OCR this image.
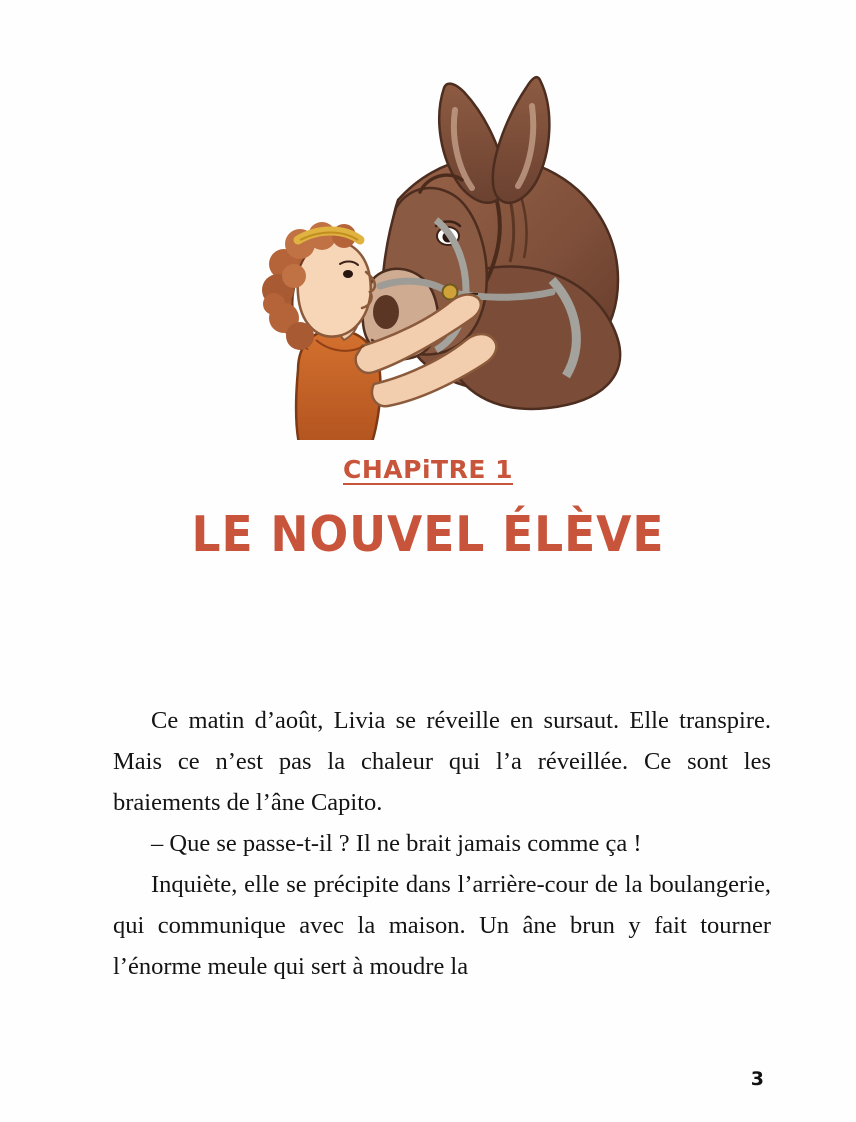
CHAPiTRE 1
LE NOUVEL ÉLÈVE

Ce matin d’août, Livia se réveille en sursaut. Elle transpire. Mais ce n’est pas la chaleur qui l’a réveillée. Ce sont les braiements de l’âne Capito.

– Que se passe-t-il ? Il ne brait jamais comme ça !

Inquiète, elle se précipite dans l’arrière-cour de la boulangerie, qui communique avec la maison. Un âne brun y fait tourner l’énorme meule qui sert à moudre la

3
